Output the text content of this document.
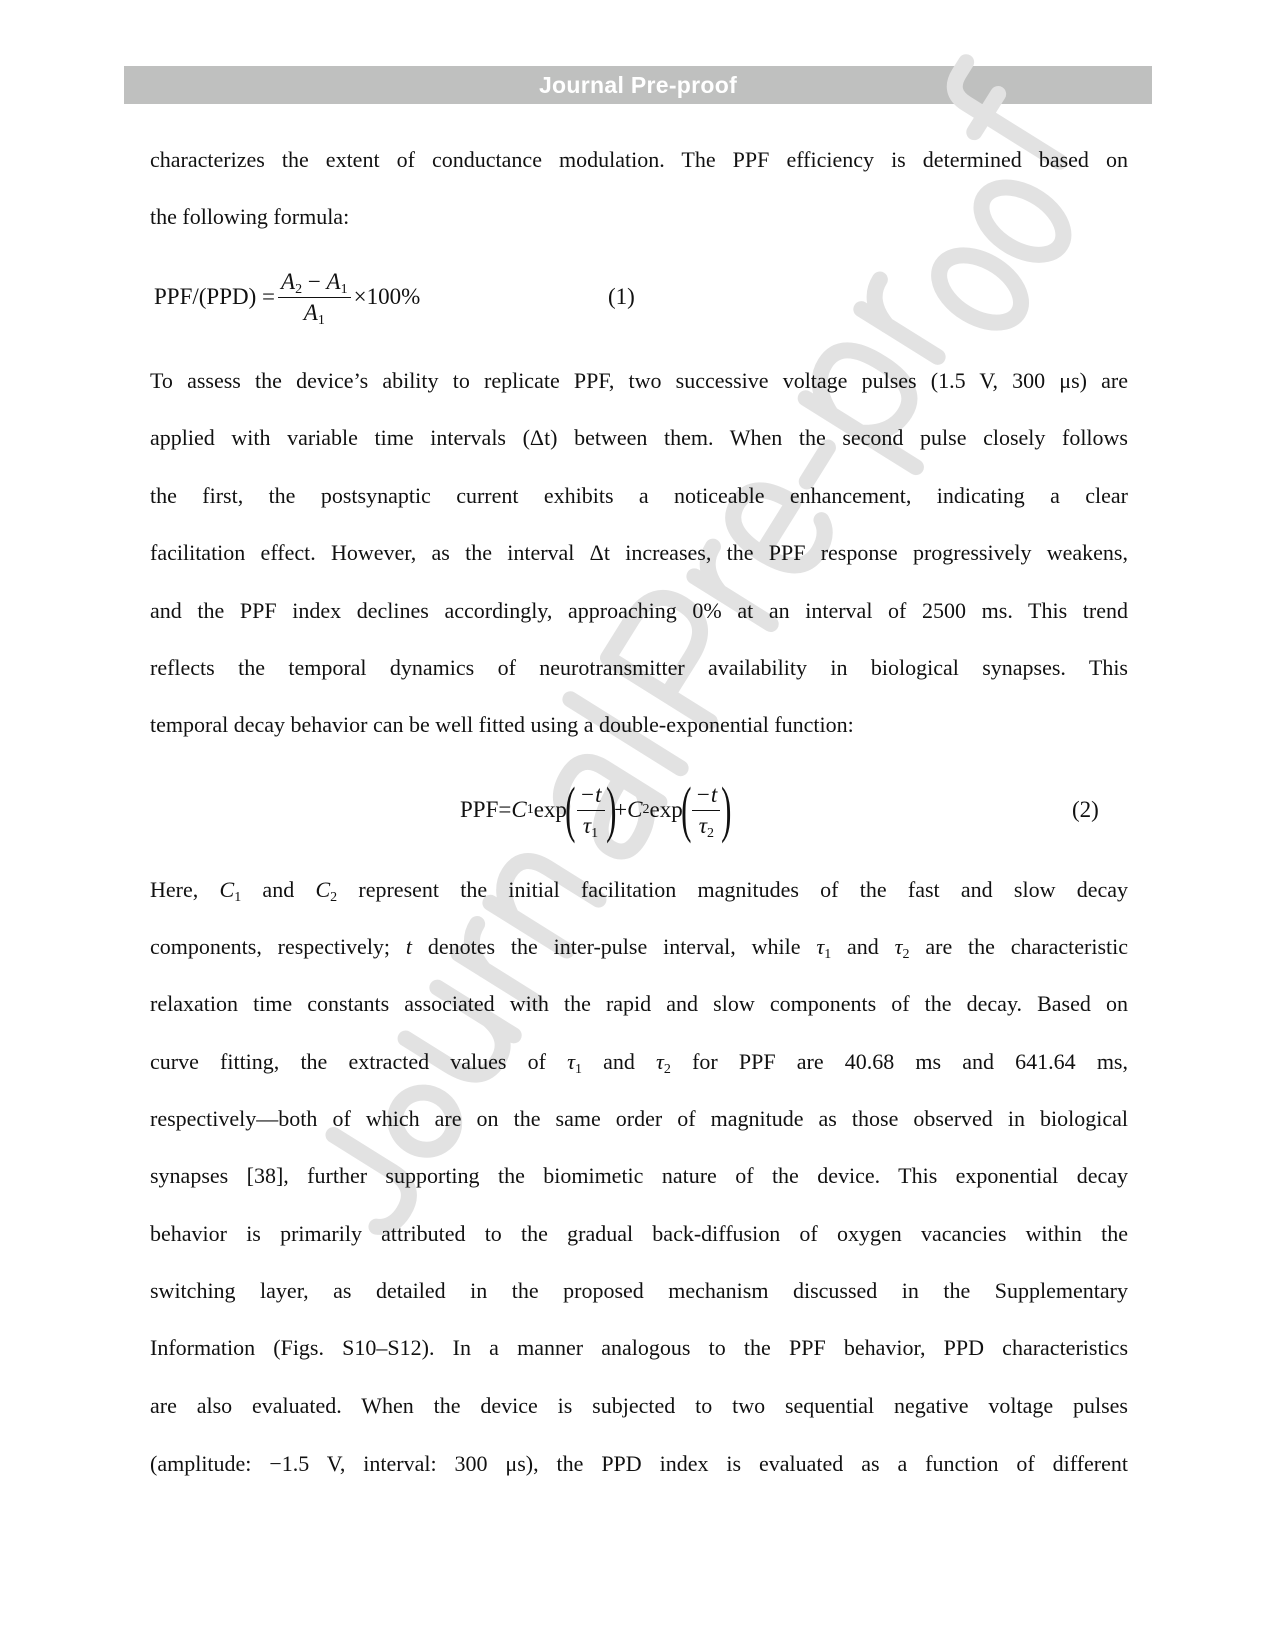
Journal Pre-proof
characterizes the extent of conductance modulation. The PPF efficiency is determined based on
the following formula:
$PPF/(PPD) = \frac{A_2 - A_1}{A_1} \times 100\%$	(1)
To assess the device’s ability to replicate PPF, two successive voltage pulses (1.5 V, 300 μs) are
applied with variable time intervals (Δt) between them. When the second pulse closely follows
the first, the postsynaptic current exhibits a noticeable enhancement, indicating a clear
facilitation effect. However, as the interval Δt increases, the PPF response progressively weakens,
and the PPF index declines accordingly, approaching 0% at an interval of 2500 ms. This trend
reflects the temporal dynamics of neurotransmitter availability in biological synapses. This
temporal decay behavior can be well fitted using a double-exponential function:
PPF= C 1 exp
( $\frac{-t}{\tau_1}$ )
+ C 2 exp
( $\frac{-t}{\tau_2}$ )	(2)
Here, $C_1$ and $C_2$ represent the initial facilitation magnitudes of the fast and slow decay
components, respectively; t denotes the inter-pulse interval, while $\tau_1$ and $\tau_2$ are the characteristic
relaxation time constants associated with the rapid and slow components of the decay. Based on
curve fitting, the extracted values of $\tau_1$ and $\tau_2$ for PPF are 40.68 ms and 641.64 ms,
respectively—both of which are on the same order of magnitude as those observed in biological
synapses [38], further supporting the biomimetic nature of the device. This exponential decay
behavior is primarily attributed to the gradual back-diffusion of oxygen vacancies within the
switching layer, as detailed in the proposed mechanism discussed in the Supplementary
Information (Figs. S10–S12). In a manner analogous to the PPF behavior, PPD characteristics
are also evaluated. When the device is subjected to two sequential negative voltage pulses
(amplitude: −1.5 V, interval: 300 μs), the PPD index is evaluated as a function of different
